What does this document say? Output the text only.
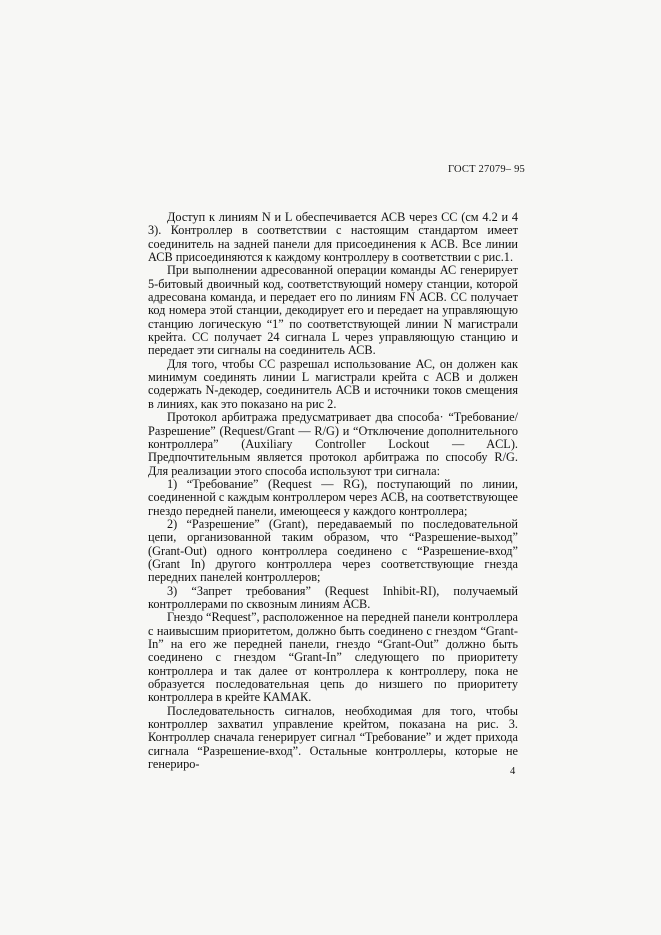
ГОСТ 27079– 95

Доступ к линиям N и L обеспечивается АСВ через СС (см 4.2 и 4 3). Контроллер в соответствии с настоящим стандартом имеет соединитель на задней панели для присоединения к АСВ. Все линии АСВ присоединяются к каждому контроллеру в соответствии с рис.1.

При выполнении адресованной операции команды АС генерирует 5-битовый двоичный код, соответствующий номеру станции, которой адресована команда, и передает его по линиям FN АСВ. СС получает код номера этой станции, декодирует его и передает на управляющую станцию логическую “1” по соответствующей линии N магистрали крейта. СС получает 24 сигнала L через управляющую станцию и передает эти сигналы на соединитель АСВ.

Для того, чтобы СС разрешал использование АС, он должен как минимум соединять линии L магистрали крейта с АСВ и должен содержать N-декодер, соединитель АСВ и источники токов смещения в линиях, как это показано на рис 2.

Протокол арбитража предусматривает два способа· “Требование/Разрешение” (Request/Grant — R/G) и “Отключение дополнительного контроллера” (Auxiliary Controller Lockout — ACL). Предпочтительным является протокол арбитража по способу R/G. Для реализации этого способа используют три сигнала:

1) “Требование” (Request — RG), поступающий по линии, соединенной с каждым контроллером через АСВ, на соответствующее гнездо передней панели, имеющееся у каждого контроллера;

2) “Разрешение” (Grant), передаваемый по последовательной цепи, организованной таким образом, что “Разрешение-выход” (Grant-Out) одного контроллера соединено с “Разрешение-вход” (Grant In) другого контроллера через соответствующие гнезда передних панелей контроллеров;

3) “Запрет требования” (Request Inhibit-RI), получаемый контроллерами по сквозным линиям АСВ.

Гнездо “Request”, расположенное на передней панели контроллера с наивысшим приоритетом, должно быть соединено с гнездом “Grant-In” на его же передней панели, гнездо “Grant-Out” должно быть соединено с гнездом “Grant-In” следующего по приоритету контроллера и так далее от контроллера к контроллеру, пока не образуется последовательная цепь до низшего по приоритету контроллера в крейте КАМАК.

Последовательность сигналов, необходимая для того, чтобы контроллер захватил управление крейтом, показана на рис. 3. Контроллер сначала генерирует сигнал “Требование” и ждет прихода сигнала “Разрешение-вход”. Остальные контроллеры, которые не генериро-

4
